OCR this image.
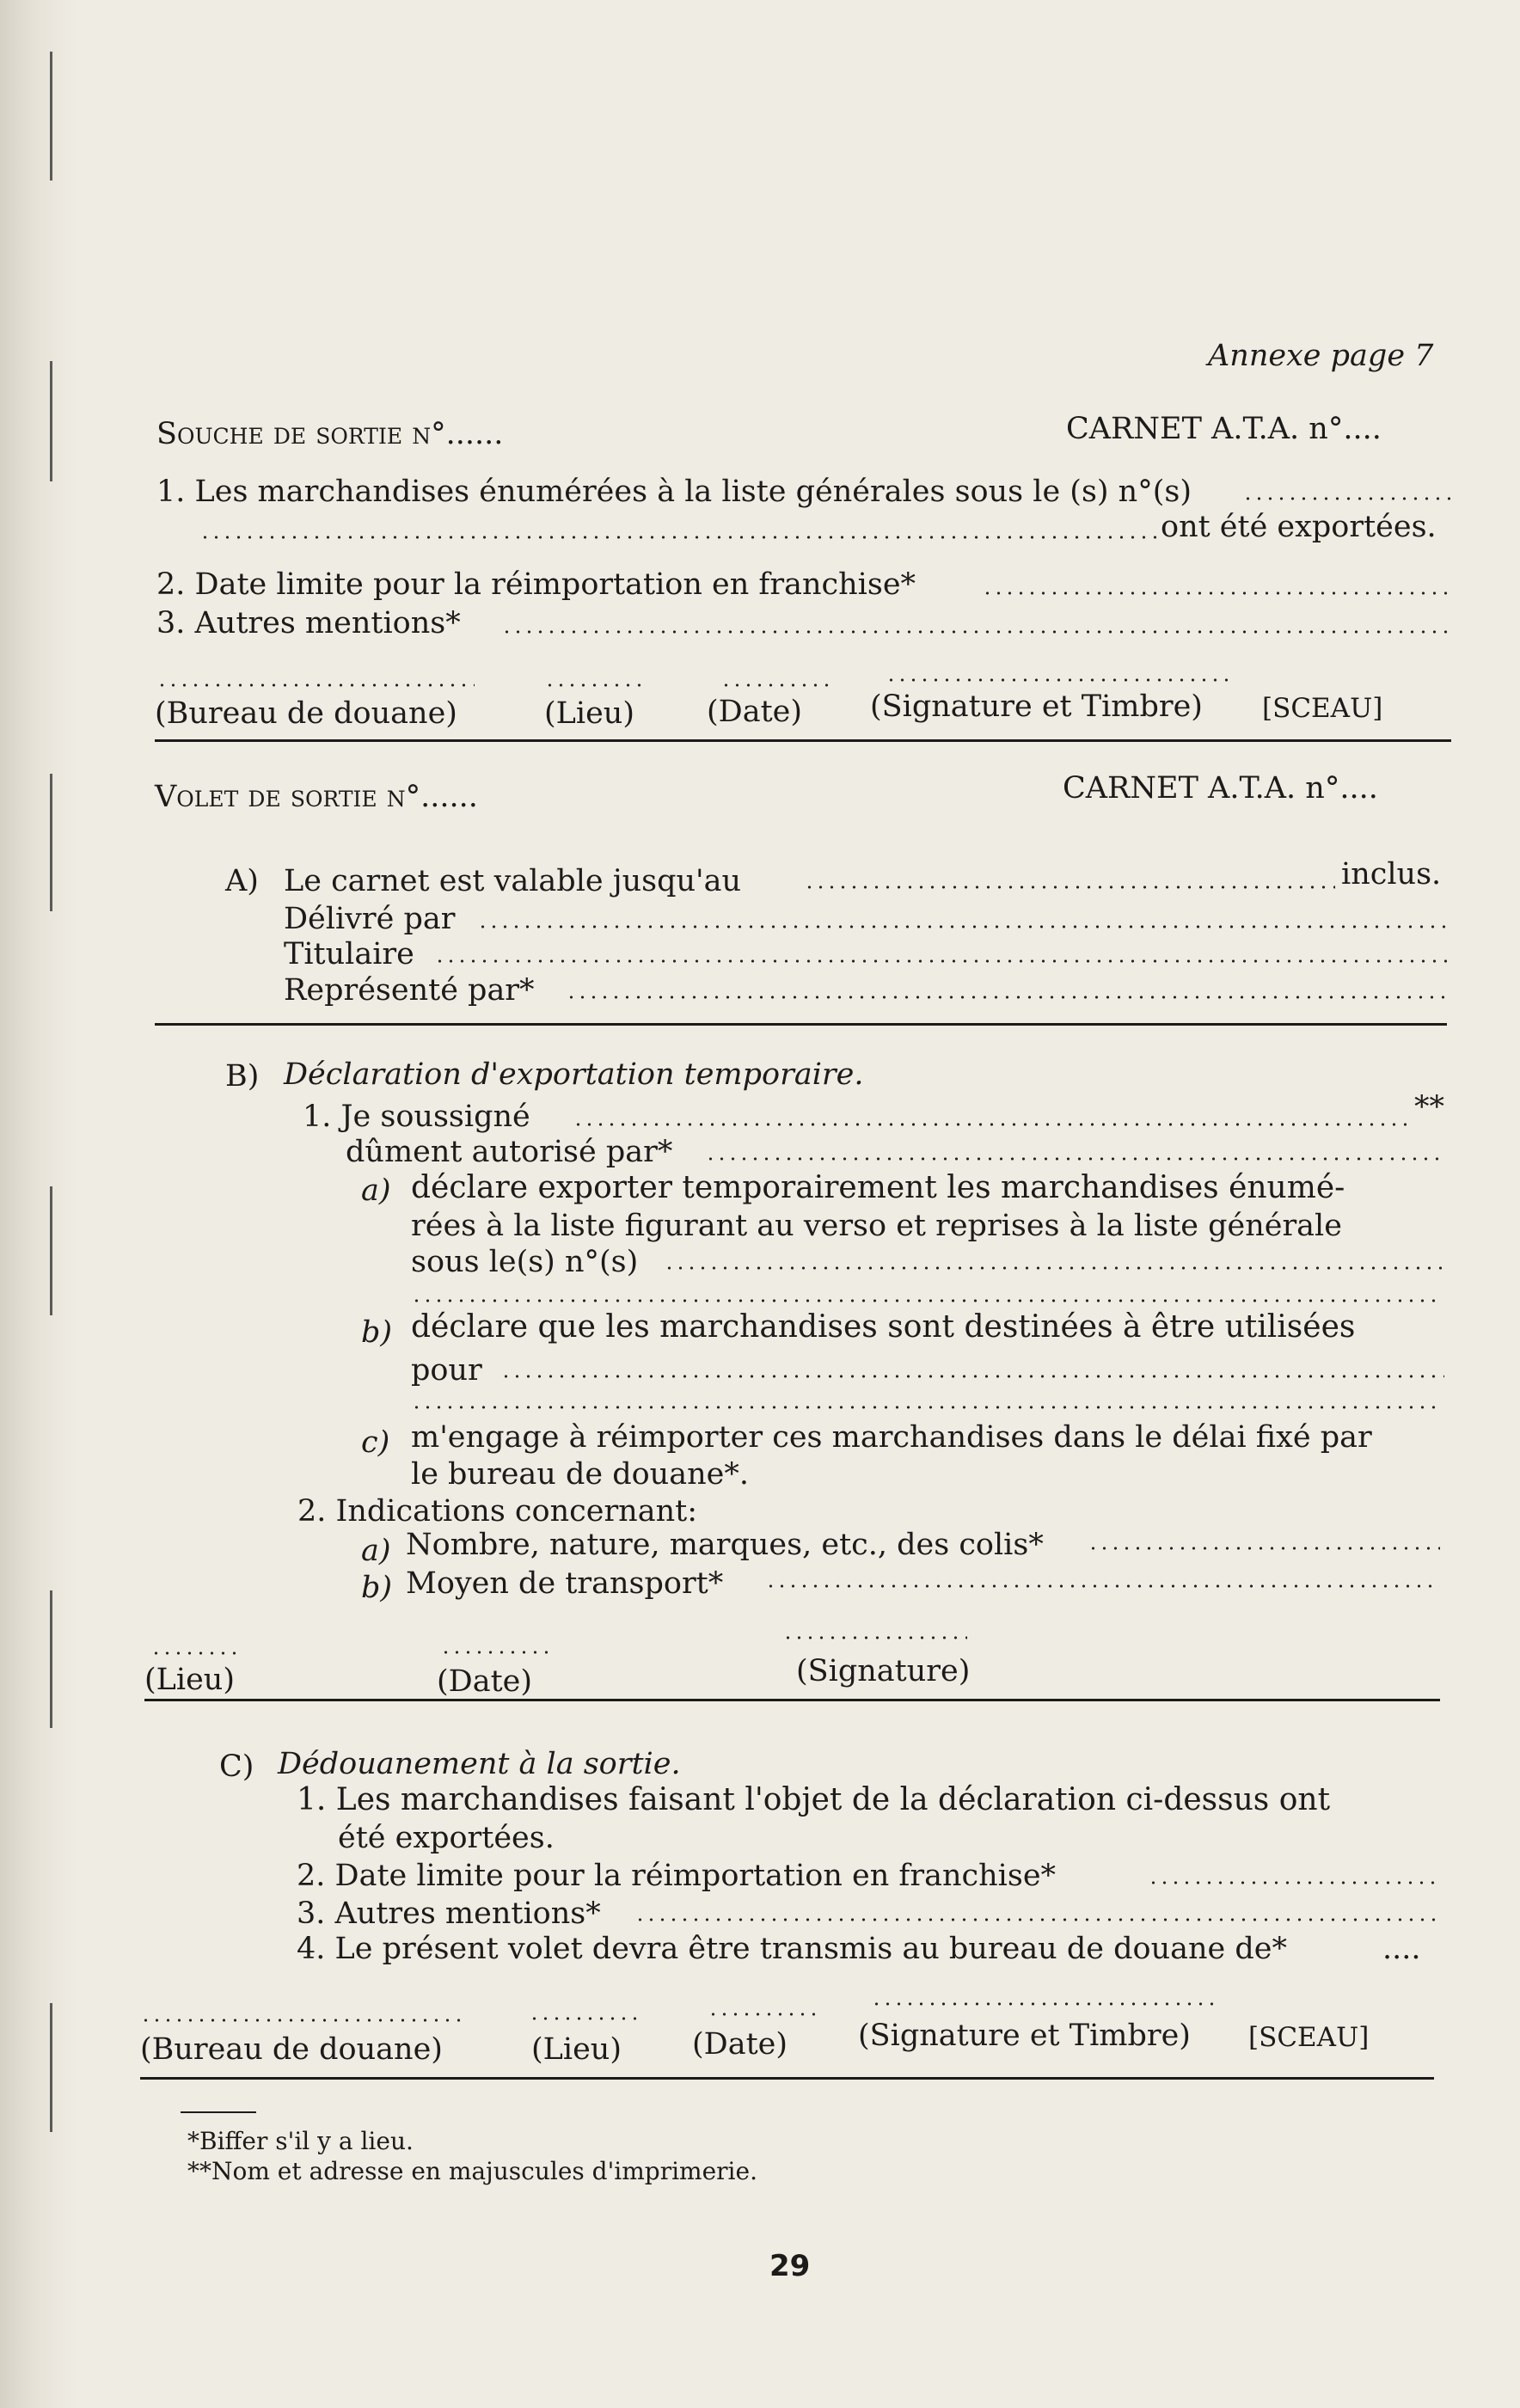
Annexe page 7
Souche de sortie n°......	CARNET A.T.A. n°....
1. Les marchandises énumérées à la liste générales sous le (s) n°(s)
ont été exportées.
2. Date limite pour la réimportation en franchise*
3. Autres mentions*
(Bureau de douane)	(Lieu) (Date) (Signature et Timbre) [SCEAU]
Volet de sortie n°......	CARNET A.T.A. n°....
A) Le carnet est valable jusqu'au	inclus.
Délivré par
Titulaire
Représenté par*
B) Déclaration d'exportation temporaire.
1. Je soussigné	**
dûment autorisé par*
a) déclare exporter temporairement les marchandises énumé-
rées à la liste figurant au verso et reprises à la liste générale
sous le(s) n°(s)
b) déclare que les marchandises sont destinées à être utilisées
pour
c) m'engage à réimporter ces marchandises dans le délai fixé par
le bureau de douane*.
2. Indications concernant:
a) Nombre, nature, marques, etc., des colis*
b) Moyen de transport*
(Lieu)	(Date)	(Signature)
C) Dédouanement à la sortie.
1. Les marchandises faisant l'objet de la déclaration ci-dessus ont
été exportées.
2. Date limite pour la réimportation en franchise*
3. Autres mentions*
4. Le présent volet devra être transmis au bureau de douane de*	....
(Bureau de douane)	(Lieu) (Date) (Signature et Timbre) [SCEAU]
*Biffer s'il y a lieu.
**Nom et adresse en majuscules d'imprimerie.
29
